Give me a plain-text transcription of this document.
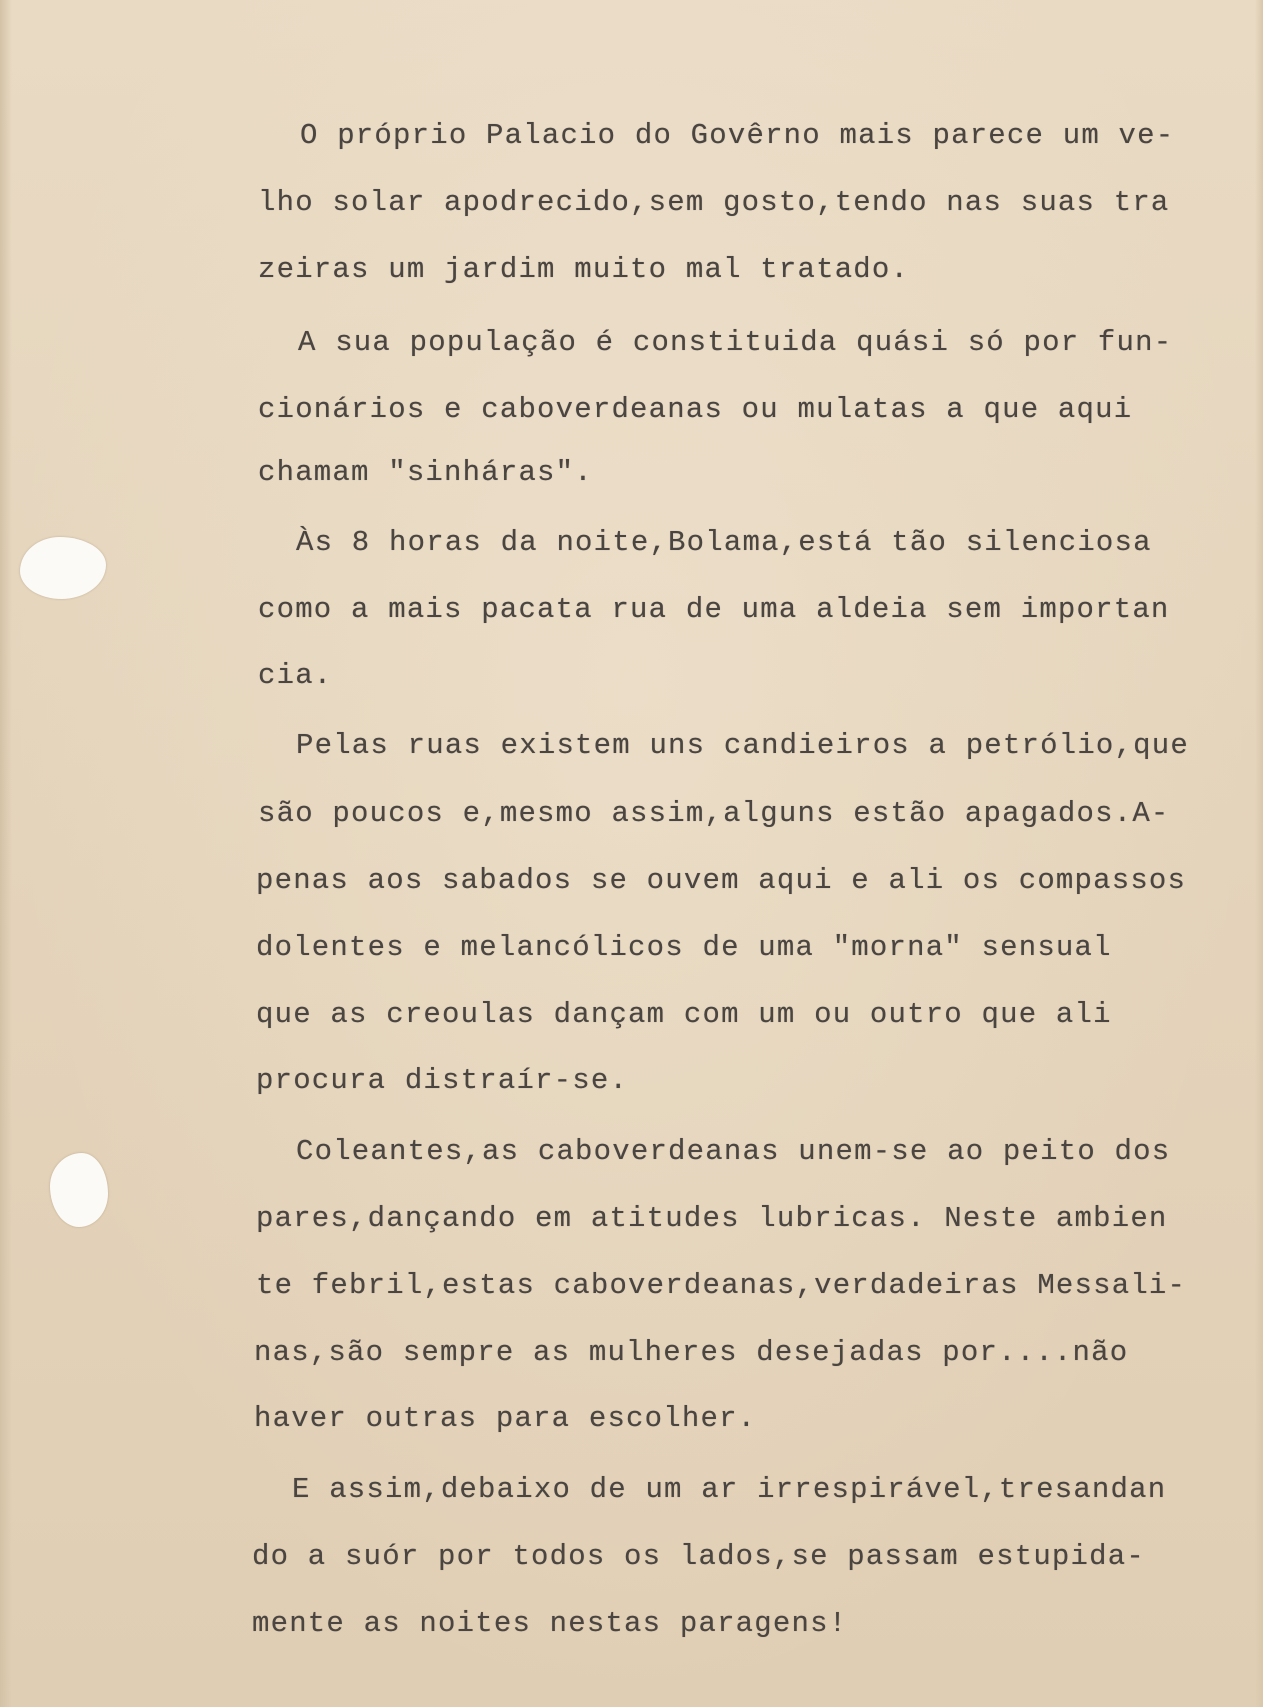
O próprio Palacio do Govêrno mais parece um ve-

lho solar apodrecido,sem gosto,tendo nas suas tra

zeiras um jardim muito mal tratado.

A sua população é constituida quási só por fun-

cionários e caboverdeanas ou mulatas a que aqui

chamam "sinháras".

Às 8 horas da noite,Bolama,está tão silenciosa

como a mais pacata rua de uma aldeia sem importan

cia.

Pelas ruas existem uns candieiros a petrólio,que

são poucos e,mesmo assim,alguns estão apagados.A-

penas aos sabados se ouvem aqui e ali os compassos

dolentes e melancólicos de uma "morna" sensual

que as creoulas dançam com um ou outro que ali

procura distraír-se.

Coleantes,as caboverdeanas unem-se ao peito dos

pares,dançando em atitudes lubricas. Neste ambien

te febril,estas caboverdeanas,verdadeiras Messali-

nas,são sempre as mulheres desejadas por....não

haver outras para escolher.

E assim,debaixo de um ar irrespirável,tresandan

do a suór por todos os lados,se passam estupida-

mente as noites nestas paragens!
